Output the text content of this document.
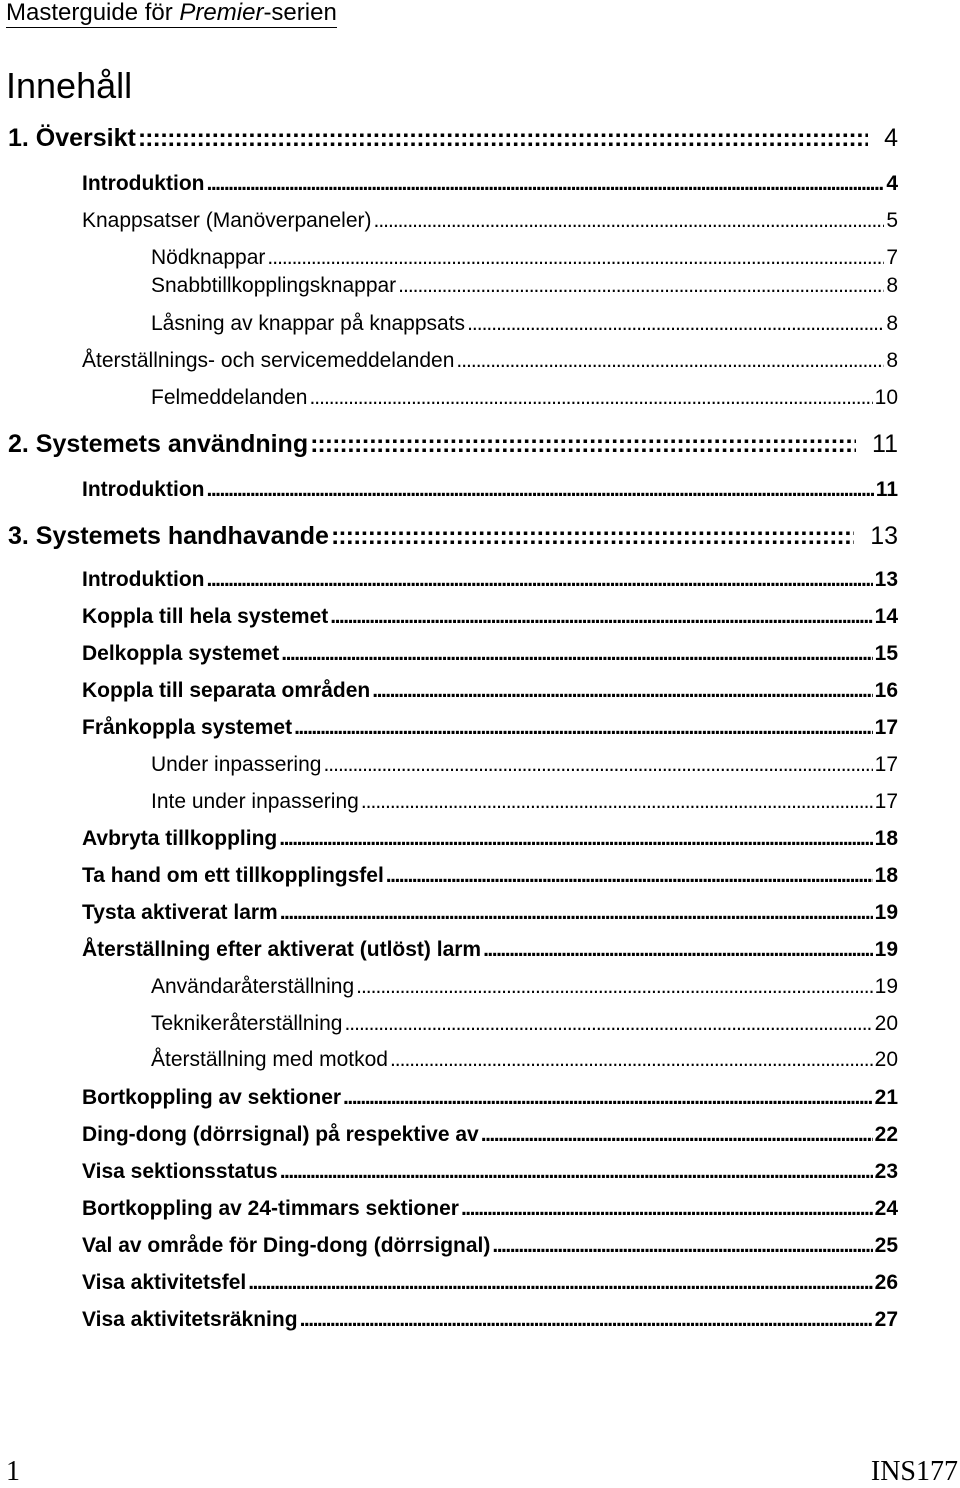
Masterguide för Premier-serien
Innehåll
1. Översikt ::::::::::::::::::::::::::::::::::::::::::::::::::::::::::::::::::::::::::::::::::::::::::::::::::::::::::::::::::::::::::::::::::::::::::::::::::::::::::::::::::::::::::::::::::::::::::::::::::::::::::::::::::	4
Introduktion .....	4
Knappsatser (Manöverpaneler) .....	5
Nödknappar .....	7
Snabbtillkopplingsknappar .....	8
Låsning av knappar på knappsats .....	8
Återställnings- och servicemeddelanden .....	8
Felmeddelanden .....	10
2. Systemets användning ::::::::::::::::::::::::::::::::::::::::::::::::::::::::::::::::::::::::::::::::::::::::::::::::::::::::::::::::::::::::::::::::::::::::::::::::::::::::::::::::::::::::::::::::::::::::::::::::::::::::::::::::::	11
Introduktion .....	11
3. Systemets handhavande ::::::::::::::::::::::::::::::::::::::::::::::::::::::::::::::::::::::::::::::::::::::::::::::::::::::::::::::::::::::::::::::::::::::::::::::::::::::::::::::::::::::::::::::::::::::::::::::::::::::::::::::::::	13
Introduktion .....	13
Koppla till hela systemet .....	14
Delkoppla systemet .....	15
Koppla till separata områden .....	16
Frånkoppla systemet .....	17
Under inpassering .....	17
Inte under inpassering .....	17
Avbryta tillkoppling .....	18
Ta hand om ett tillkopplingsfel .....	18
Tysta aktiverat larm .....	19
Återställning efter aktiverat (utlöst) larm .....	19
Användaråterställning .....	19
Teknikeråterställning .....	20
Återställning med motkod .....	20
Bortkoppling av sektioner .....	21
Ding-dong (dörrsignal) på respektive av .....	22
Visa sektionsstatus .....	23
Bortkoppling av 24-timmars sektioner .....	24
Val av område för Ding-dong (dörrsignal) .....	25
Visa aktivitetsfel .....	26
Visa aktivitetsräkning .....	27
1	INS177
